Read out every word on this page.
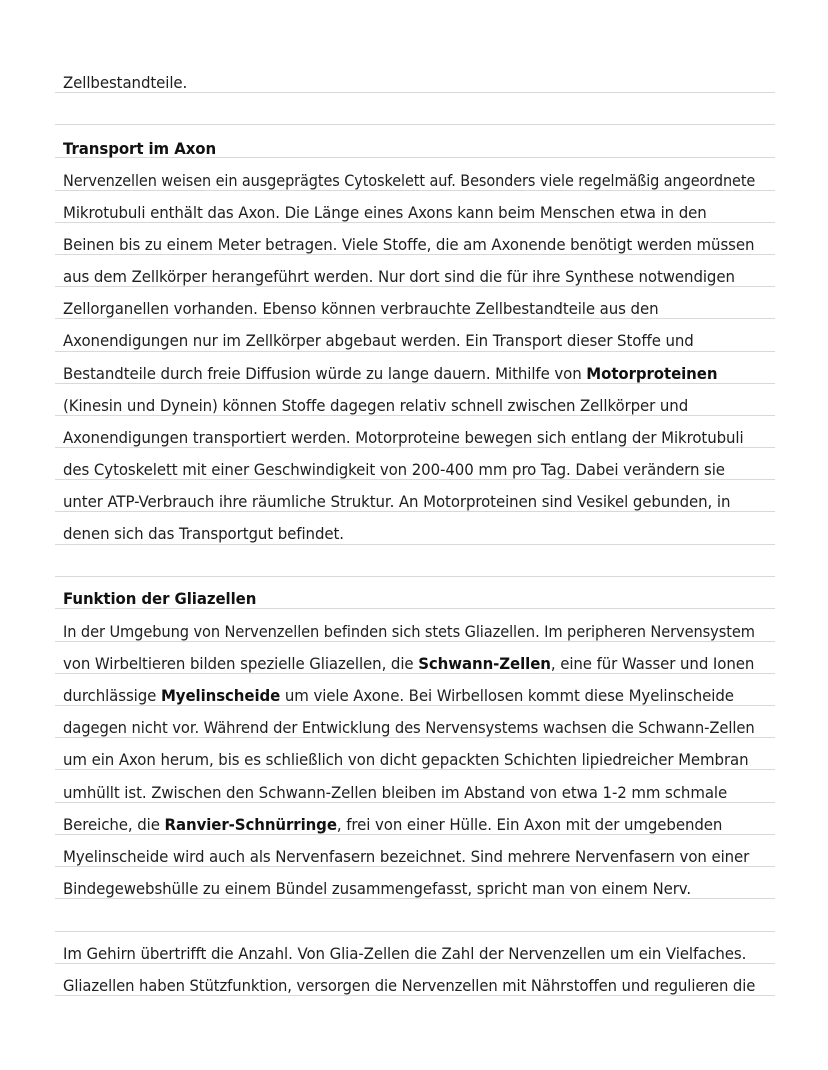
Zellbestandteile.
Transport im Axon
Nervenzellen weisen ein ausgeprägtes Cytoskelett auf. Besonders viele regelmäßig angeordnete
Mikrotubuli enthält das Axon. Die Länge eines Axons kann beim Menschen etwa in den
Beinen bis zu einem Meter betragen. Viele Stoffe, die am Axonende benötigt werden müssen
aus dem Zellkörper herangeführt werden. Nur dort sind die für ihre Synthese notwendigen
Zellorganellen vorhanden. Ebenso können verbrauchte Zellbestandteile aus den
Axonendigungen nur im Zellkörper abgebaut werden. Ein Transport dieser Stoffe und
Bestandteile durch freie Diffusion würde zu lange dauern. Mithilfe von Motorproteinen
(Kinesin und Dynein) können Stoffe dagegen relativ schnell zwischen Zellkörper und
Axonendigungen transportiert werden. Motorproteine bewegen sich entlang der Mikrotubuli
des Cytoskelett mit einer Geschwindigkeit von 200-400 mm pro Tag. Dabei verändern sie
unter ATP-Verbrauch ihre räumliche Struktur. An Motorproteinen sind Vesikel gebunden, in
denen sich das Transportgut befindet.
Funktion der Gliazellen
In der Umgebung von Nervenzellen befinden sich stets Gliazellen. Im peripheren Nervensystem
von Wirbeltieren bilden spezielle Gliazellen, die Schwann-Zellen, eine für Wasser und Ionen
durchlässige Myelinscheide um viele Axone. Bei Wirbellosen kommt diese Myelinscheide
dagegen nicht vor. Während der Entwicklung des Nervensystems wachsen die Schwann-Zellen
um ein Axon herum, bis es schließlich von dicht gepackten Schichten lipiedreicher Membran
umhüllt ist. Zwischen den Schwann-Zellen bleiben im Abstand von etwa 1-2 mm schmale
Bereiche, die Ranvier-Schnürringe, frei von einer Hülle. Ein Axon mit der umgebenden
Myelinscheide wird auch als Nervenfasern bezeichnet. Sind mehrere Nervenfasern von einer
Bindegewebshülle zu einem Bündel zusammengefasst, spricht man von einem Nerv.
Im Gehirn übertrifft die Anzahl. Von Glia-Zellen die Zahl der Nervenzellen um ein Vielfaches.
Gliazellen haben Stützfunktion, versorgen die Nervenzellen mit Nährstoffen und regulieren die
